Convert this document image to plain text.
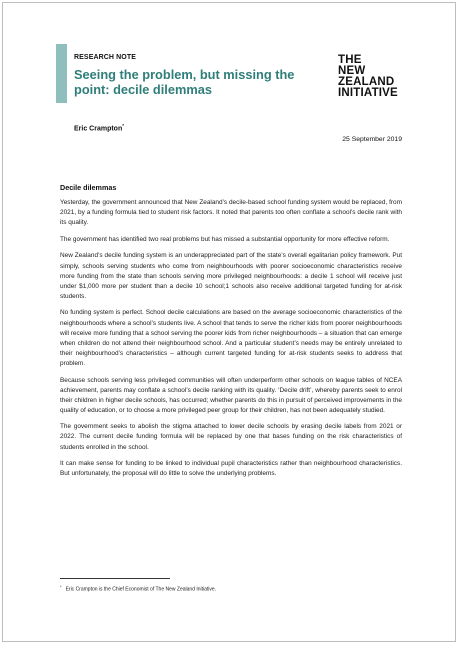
RESEARCH NOTE
Seeing the problem, but missing the point: decile dilemmas
THE
NEW ZEALAND
INITIATIVE
Eric Crampton*
25 September 2019
Decile dilemmas

Yesterday, the government announced that New Zealand’s decile-based school funding system would be replaced, from 2021, by a funding formula tied to student risk factors. It noted that parents too often conflate a school’s decile rank with its quality.

The government has identified two real problems but has missed a substantial opportunity for more effective reform.

New Zealand’s decile funding system is an underappreciated part of the state’s overall egalitarian policy framework. Put simply, schools serving students who come from neighbourhoods with poorer socioeconomic characteristics receive more funding from the state than schools serving more privileged neighbourhoods: a decile 1 school will receive just under $1,000 more per student than a decile 10 school;1 schools also receive additional targeted funding for at-risk students.

No funding system is perfect. School decile calculations are based on the average socioeconomic characteristics of the neighbourhoods where a school’s students live. A school that tends to serve the richer kids from poorer neighbourhoods will receive more funding that a school serving the poorer kids from richer neighbourhoods – a situation that can emerge when children do not attend their neighbourhood school. And a particular student’s needs may be entirely unrelated to their neighbourhood’s characteristics – although current targeted funding for at-risk students seeks to address that problem.

Because schools serving less privileged communities will often underperform other schools on league tables of NCEA achievement, parents may conflate a school’s decile ranking with its quality. ‘Decile drift’, whereby parents seek to enrol their children in higher decile schools, has occurred; whether parents do this in pursuit of perceived improvements in the quality of education, or to choose a more privileged peer group for their children, has not been adequately studied.

The government seeks to abolish the stigma attached to lower decile schools by erasing decile labels from 2021 or 2022. The current decile funding formula will be replaced by one that bases funding on the risk characteristics of students enrolled in the school.

It can make sense for funding to be linked to individual pupil characteristics rather than neighbourhood characteristics. But unfortunately, the proposal will do little to solve the underlying problems.

*Eric Crampton is the Chief Economist of The New Zealand Initiative.
